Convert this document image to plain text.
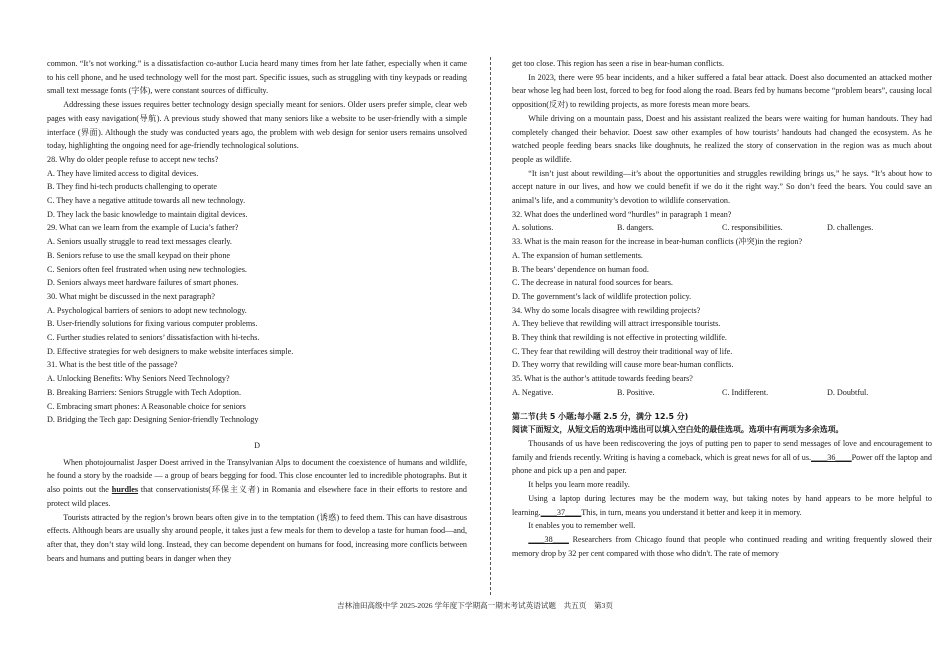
common. “It’s not working.” is a dissatisfaction co-author Lucia heard many times from her late father, especially when it came to his cell phone, and he used technology well for the most part. Specific issues, such as struggling with tiny keypads or reading small text message fonts (字体), were constant sources of difficulty.

Addressing these issues requires better technology design specially meant for seniors. Older users prefer simple, clear web pages with easy navigation(导航). A previous study showed that many seniors like a website to be user-friendly with a simple interface (界面). Although the study was conducted years ago, the problem with web design for senior users remains unsolved today, highlighting the ongoing need for age-friendly technological solutions.

28. Why do older people refuse to accept new techs?
A. They have limited access to digital devices.
B. They find hi-tech products challenging to operate
C. They have a negative attitude towards all new technology.
D. They lack the basic knowledge to maintain digital devices.
29. What can we learn from the example of Lucia’s father?
A. Seniors usually struggle to read text messages clearly.
B. Seniors refuse to use the small keypad on their phone
C. Seniors often feel frustrated when using new technologies.
D. Seniors always meet hardware failures of smart phones.
30. What might be discussed in the next paragraph?
A. Psychological barriers of seniors to adopt new technology.
B. User-friendly solutions for fixing various computer problems.
C. Further studies related to seniors’ dissatisfaction with hi-techs.
D. Effective strategies for web designers to make website interfaces simple.
31. What is the best title of the passage?
A. Unlocking Benefits: Why Seniors Need Technology?
B. Breaking Barriers: Seniors Struggle with Tech Adoption.
C. Embracing smart phones: A Reasonable choice for seniors
D. Bridging the Tech gap: Designing Senior-friendly Technology
D

When photojournalist Jasper Doest arrived in the Transylvanian Alps to document the coexistence of humans and wildlife, he found a story by the roadside — a group of bears begging for food. This close encounter led to incredible photographs. But it also points out the hurdles that conservationists(环保主义者) in Romania and elsewhere face in their efforts to restore and protect wild places.

Tourists attracted by the region’s brown bears often give in to the temptation (诱惑) to feed them. This can have disastrous effects. Although bears are usually shy around people, it takes just a few meals for them to develop a taste for human food—and, after that, they don’t stay wild long. Instead, they can become dependent on humans for food, increasing more conflicts between bears and humans and putting bears in danger when they

get too close. This region has seen a rise in bear-human conflicts.

In 2023, there were 95 bear incidents, and a hiker suffered a fatal bear attack. Doest also documented an attacked mother bear whose leg had been lost, forced to beg for food along the road. Bears fed by humans become “problem bears”, causing local opposition(反对) to rewilding projects, as more forests mean more bears.

While driving on a mountain pass, Doest and his assistant realized the bears were waiting for human handouts. They had completely changed their behavior. Doest saw other examples of how tourists’ handouts had changed the ecosystem. As he watched people feeding bears snacks like doughnuts, he realized the story of conservation in the region was as much about people as wildlife.

“It isn’t just about rewilding—it’s about the opportunities and struggles rewilding brings us,” he says. “It’s about how to accept nature in our lives, and how we could benefit if we do it the right way.” So don’t feed the bears. You could save an animal’s life, and a community’s devotion to wildlife conservation.

32. What does the underlined word “hurdles” in paragraph 1 mean?
A. solutions.	B. dangers.	C. responsibilities.	D. challenges.
33. What is the main reason for the increase in bear-human conflicts (冲突)in the region?
A. The expansion of human settlements.
B. The bears’ dependence on human food.
C. The decrease in natural food sources for bears.
D. The government’s lack of wildlife protection policy.
34. Why do some locals disagree with rewilding projects?
A. They believe that rewilding will attract irresponsible tourists.
B. They think that rewilding is not effective in protecting wildlife.
C. They fear that rewilding will destroy their traditional way of life.
D. They worry that rewilding will cause more bear-human conflicts.
35. What is the author’s attitude towards feeding bears?
A. Negative.	B. Positive.	C. Indifferent.	D. Doubtful.
第二节(共 5 小题;每小题 2.5 分，满分 12.5 分)
阅读下面短文，从短文后的选项中选出可以填入空白处的最佳选项。选项中有两项为多余选项。

Thousands of us have been rediscovering the joys of putting pen to paper to send messages of love and encouragement to family and friends recently. Writing is having a comeback, which is great news for all of us.____36____Power off the laptop and phone and pick up a pen and paper.

It helps you learn more readily.

Using a laptop during lectures may be the modern way, but taking notes by hand appears to be more helpful to learning.____37____This, in turn, means you understand it better and keep it in memory.

It enables you to remember well.

____38____ Researchers from Chicago found that people who continued reading and writing frequently slowed their memory drop by 32 per cent compared with those who didn't. The rate of memory

吉林油田高级中学 2025-2026 学年度下学期高一期末考试英语试题　共五页　第3页
